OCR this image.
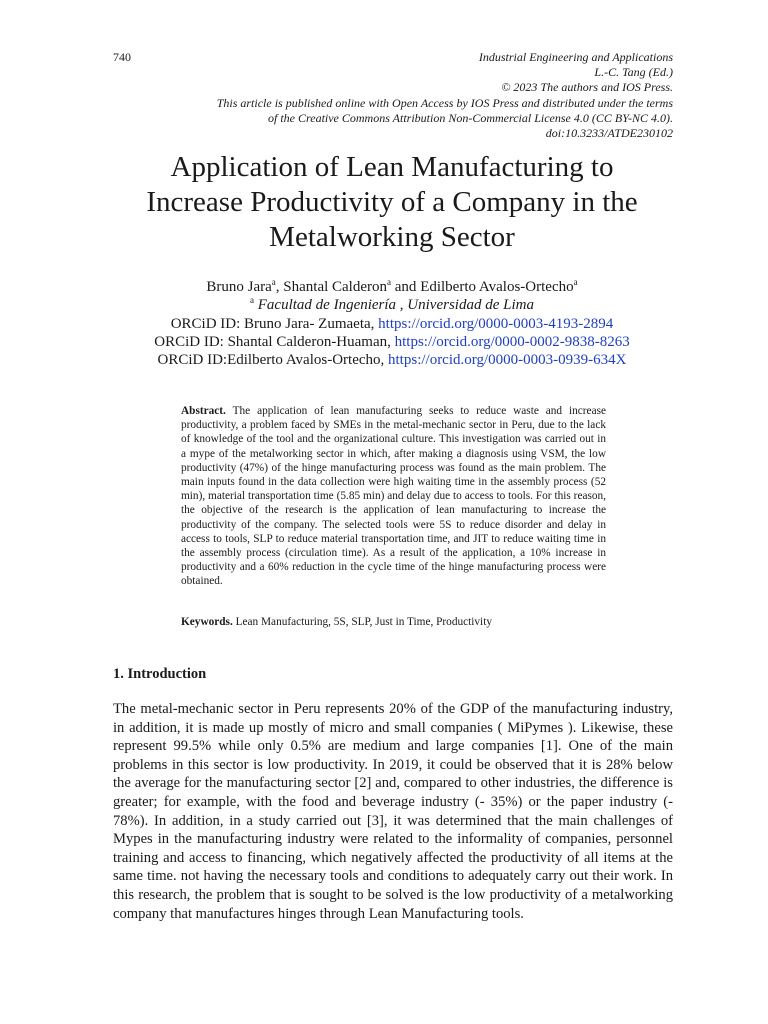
740	Industrial Engineering and Applications
L.-C. Tang (Ed.)
© 2023 The authors and IOS Press.
This article is published online with Open Access by IOS Press and distributed under the terms
of the Creative Commons Attribution Non-Commercial License 4.0 (CC BY-NC 4.0).
doi:10.3233/ATDE230102
Application of Lean Manufacturing to
Increase Productivity of a Company in the
Metalworking Sector
Bruno Jara$^a$, Shantal Calderon$^a$ and Edilberto Avalos-Ortecho$^a$
$^a$ Facultad de Ingeniería , Universidad de Lima
ORCiD ID: Bruno Jara- Zumaeta, https://orcid.org/0000-0003-4193-2894
ORCiD ID: Shantal Calderon-Huaman, https://orcid.org/0000-0002-9838-8263
ORCiD ID:Edilberto Avalos-Ortecho, https://orcid.org/0000-0003-0939-634X
Abstract. The application of lean manufacturing seeks to reduce waste and increase productivity, a problem faced by SMEs in the metal-mechanic sector in Peru, due to the lack of knowledge of the tool and the organizational culture. This investigation was carried out in a mype of the metalworking sector in which, after making a diagnosis using VSM, the low productivity (47%) of the hinge manufacturing process was found as the main problem. The main inputs found in the data collection were high waiting time in the assembly process (52 min), material transportation time (5.85 min) and delay due to access to tools. For this reason, the objective of the research is the application of lean manufacturing to increase the productivity of the company. The selected tools were 5S to reduce disorder and delay in access to tools, SLP to reduce material transportation time, and JIT to reduce waiting time in the assembly process (circulation time). As a result of the application, a 10% increase in productivity and a 60% reduction in the cycle time of the hinge manufacturing process were obtained.
Keywords. Lean Manufacturing, 5S, SLP, Just in Time, Productivity
1. Introduction

The metal-mechanic sector in Peru represents 20% of the GDP of the manufacturing industry, in addition, it is made up mostly of micro and small companies ( MiPymes ). Likewise, these represent 99.5% while only 0.5% are medium and large companies [1]. One of the main problems in this sector is low productivity. In 2019, it could be observed that it is 28% below the average for the manufacturing sector [2] and, compared to other industries, the difference is greater; for example, with the food and beverage industry (- 35%) or the paper industry (- 78%). In addition, in a study carried out [3], it was determined that the main challenges of Mypes in the manufacturing industry were related to the informality of companies, personnel training and access to financing, which negatively affected the productivity of all items at the same time. not having the necessary tools and conditions to adequately carry out their work. In this research, the problem that is sought to be solved is the low productivity of a metalworking company that manufactures hinges through Lean Manufacturing tools.
